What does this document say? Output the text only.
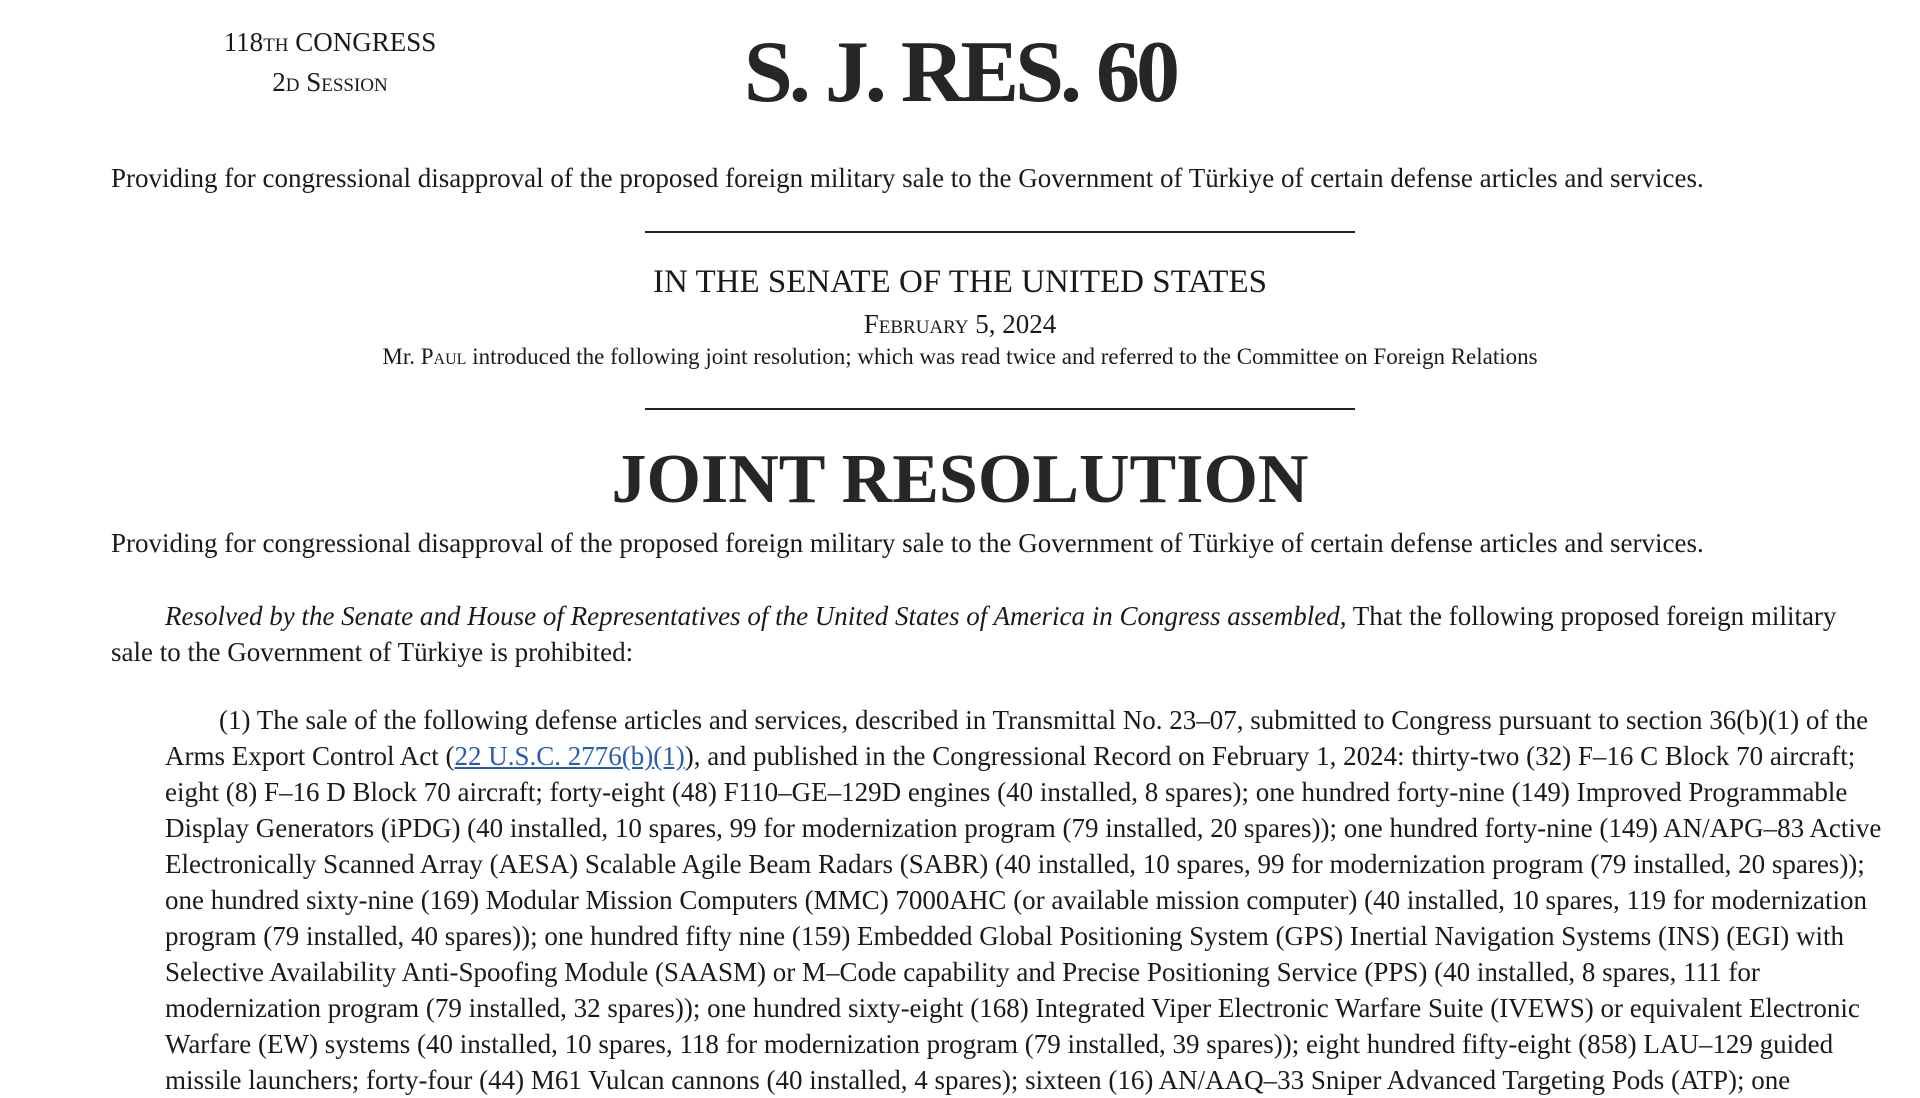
118TH CONGRESS
2D Session	S. J. RES. 60
Providing for congressional disapproval of the proposed foreign military sale to the Government of Türkiye of certain defense articles and services.
IN THE SENATE OF THE UNITED STATES
February 5, 2024
Mr. Paul introduced the following joint resolution; which was read twice and referred to the Committee on Foreign Relations
JOINT RESOLUTION
Providing for congressional disapproval of the proposed foreign military sale to the Government of Türkiye of certain defense articles and services.
Resolved by the Senate and House of Representatives of the United States of America in Congress assembled, That the following proposed foreign military sale to the Government of Türkiye is prohibited:
(1) The sale of the following defense articles and services, described in Transmittal No. 23–07, submitted to Congress pursuant to section 36(b)(1) of the Arms Export Control Act (22 U.S.C. 2776(b)(1)), and published in the Congressional Record on February 1, 2024: thirty-two (32) F–16 C Block 70 aircraft; eight (8) F–16 D Block 70 aircraft; forty-eight (48) F110–GE–129D engines (40 installed, 8 spares); one hundred forty-nine (149) Improved Programmable Display Generators (iPDG) (40 installed, 10 spares, 99 for modernization program (79 installed, 20 spares)); one hundred forty-nine (149) AN/APG–83 Active Electronically Scanned Array (AESA) Scalable Agile Beam Radars (SABR) (40 installed, 10 spares, 99 for modernization program (79 installed, 20 spares)); one hundred sixty-nine (169) Modular Mission Computers (MMC) 7000AHC (or available mission computer) (40 installed, 10 spares, 119 for modernization program (79 installed, 40 spares)); one hundred fifty nine (159) Embedded Global Positioning System (GPS) Inertial Navigation Systems (INS) (EGI) with Selective Availability Anti-Spoofing Module (SAASM) or M–Code capability and Precise Positioning Service (PPS) (40 installed, 8 spares, 111 for modernization program (79 installed, 32 spares)); one hundred sixty-eight (168) Integrated Viper Electronic Warfare Suite (IVEWS) or equivalent Electronic Warfare (EW) systems (40 installed, 10 spares, 118 for modernization program (79 installed, 39 spares)); eight hundred fifty-eight (858) LAU–129 guided missile launchers; forty-four (44) M61 Vulcan cannons (40 installed, 4 spares); sixteen (16) AN/AAQ–33 Sniper Advanced Targeting Pods (ATP); one
